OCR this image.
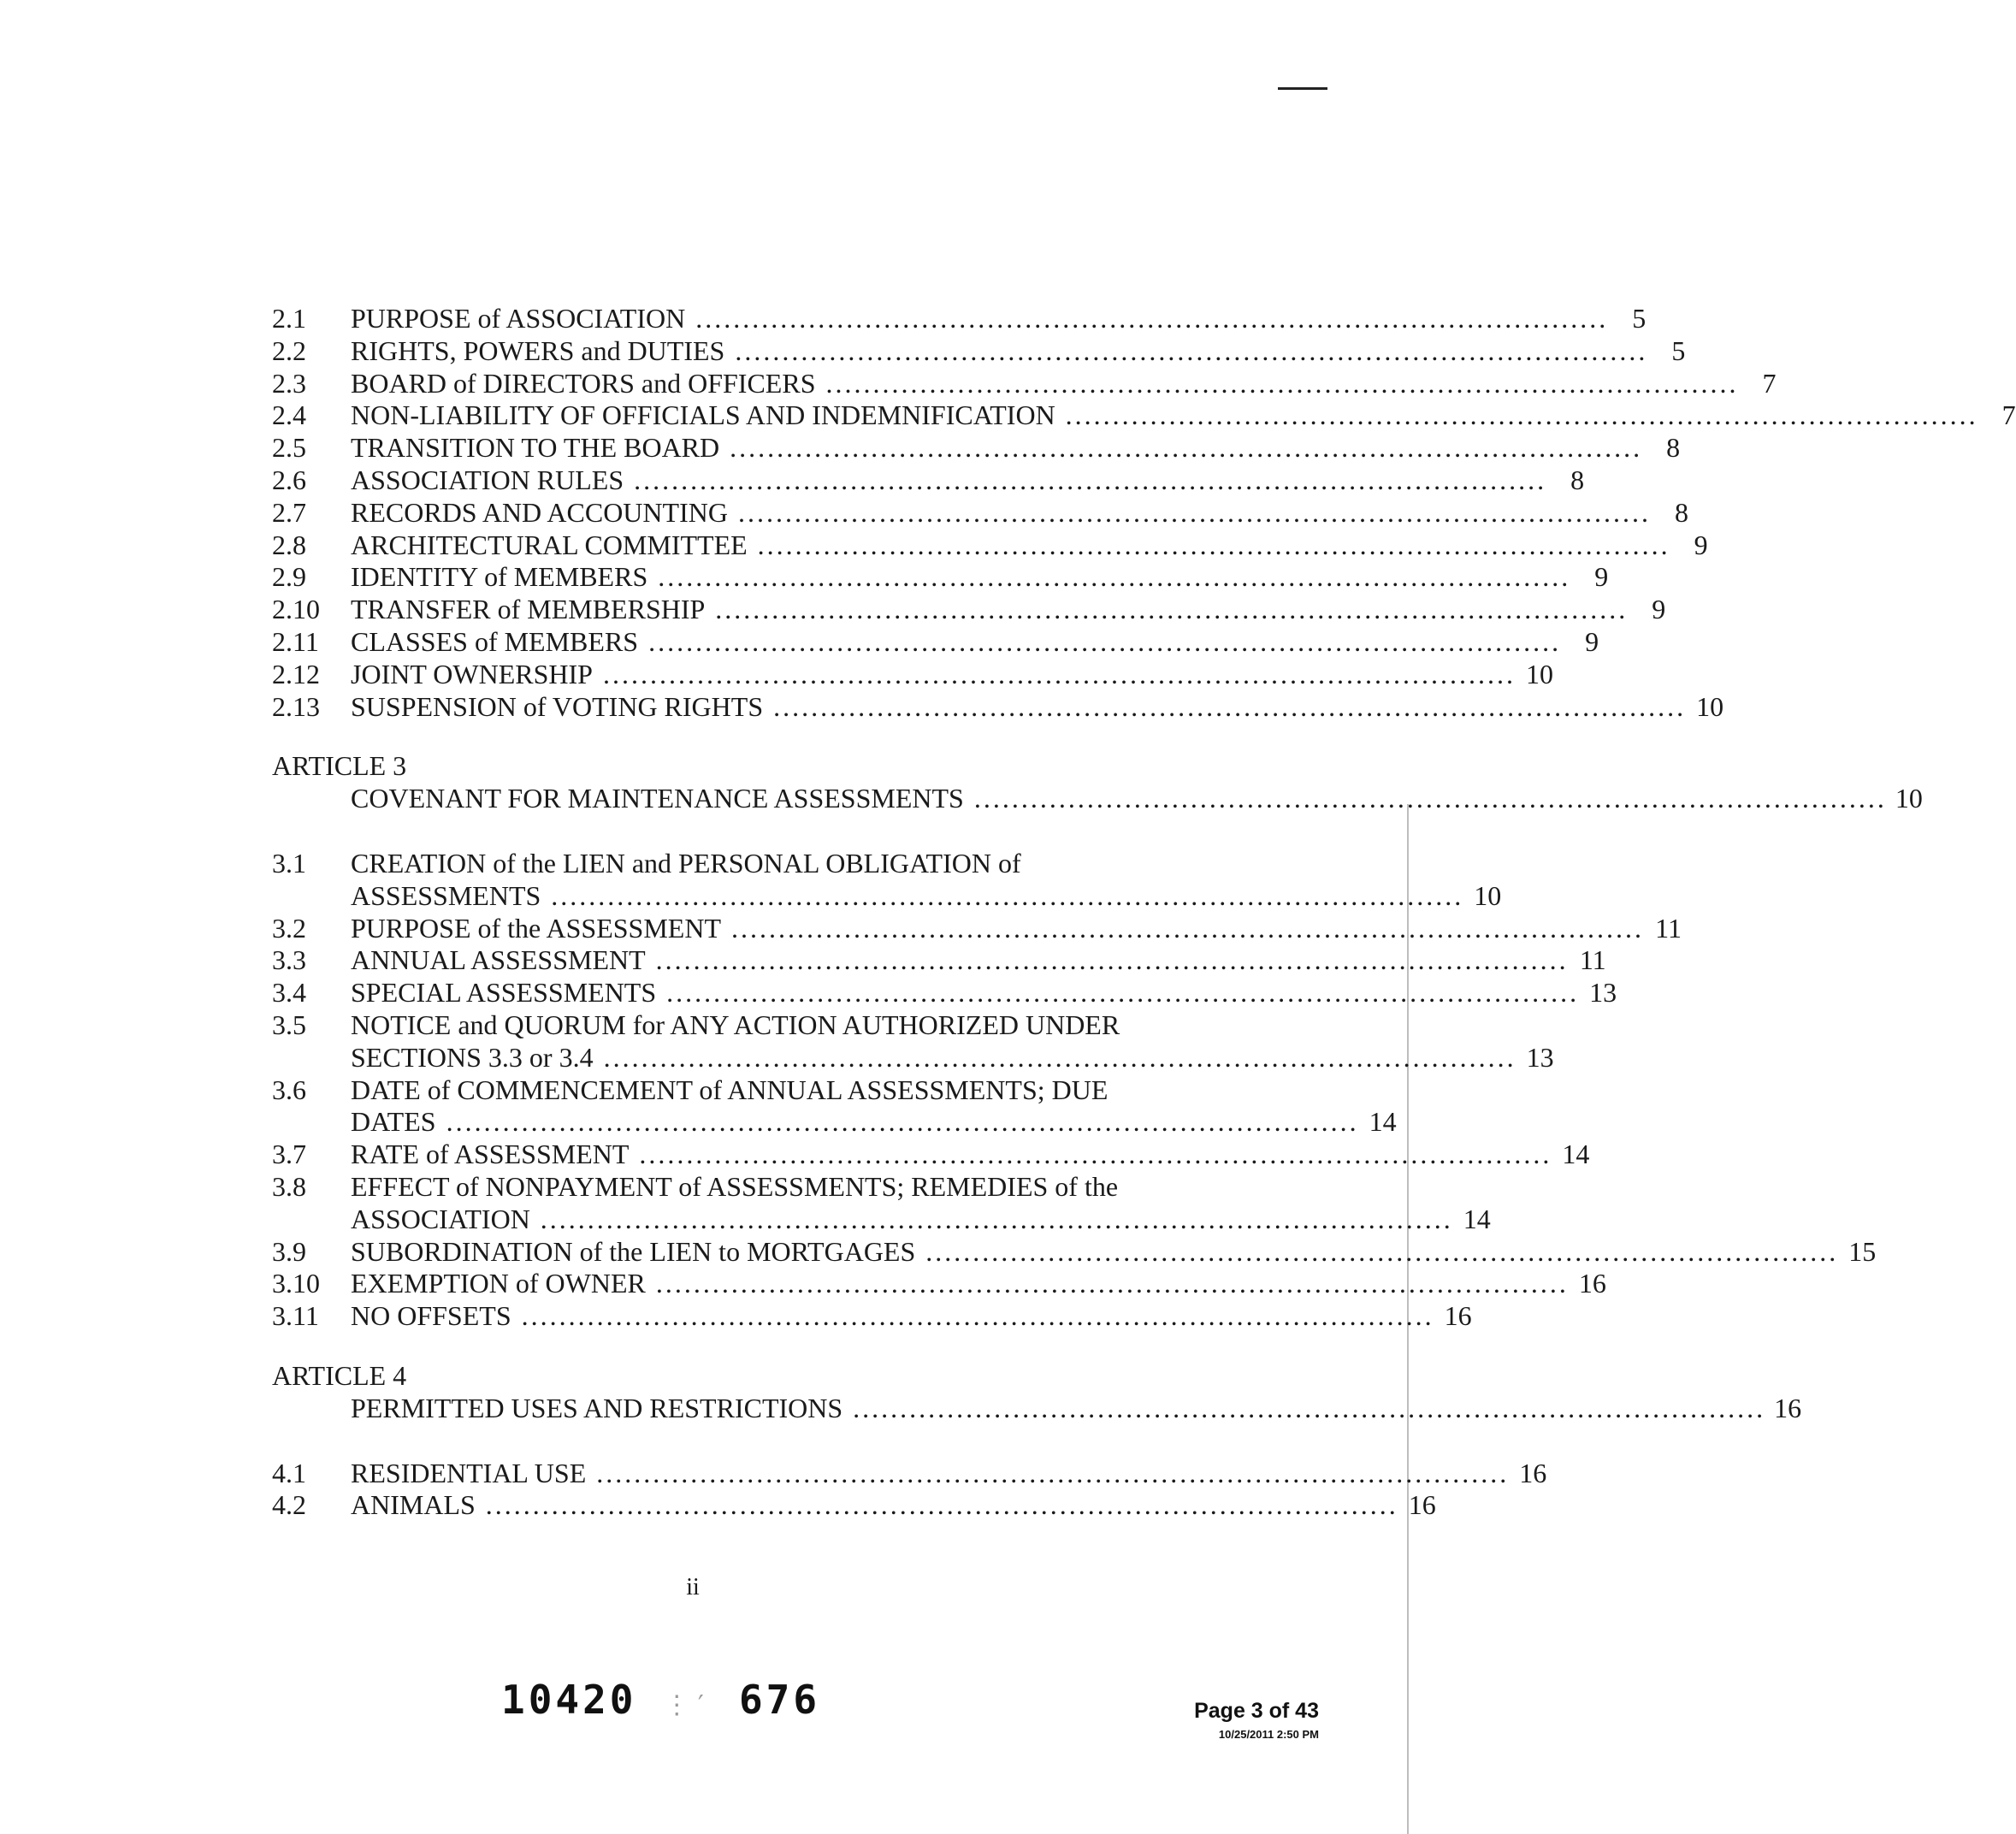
2.1	PURPOSE of ASSOCIATION ................................................................................................. 5
2.2	RIGHTS, POWERS and DUTIES ................................................................................................. 5
2.3	BOARD of DIRECTORS and OFFICERS ................................................................................................. 7
2.4	NON-LIABILITY OF OFFICIALS AND INDEMNIFICATION ................................................................................................. 7
2.5	TRANSITION TO THE BOARD ................................................................................................. 8
2.6	ASSOCIATION RULES ................................................................................................. 8
2.7	RECORDS AND ACCOUNTING ................................................................................................. 8
2.8	ARCHITECTURAL COMMITTEE ................................................................................................. 9
2.9	IDENTITY of MEMBERS ................................................................................................. 9
2.10	TRANSFER of MEMBERSHIP ................................................................................................. 9
2.11	CLASSES of MEMBERS ................................................................................................. 9
2.12	JOINT OWNERSHIP ................................................................................................. 10
2.13	SUSPENSION of VOTING RIGHTS ................................................................................................. 10
ARTICLE 3
COVENANT FOR MAINTENANCE ASSESSMENTS ................................................................................................. 10
3.1	CREATION of the LIEN and PERSONAL OBLIGATION of
ASSESSMENTS ................................................................................................. 10
3.2	PURPOSE of the ASSESSMENT ................................................................................................. 11
3.3	ANNUAL ASSESSMENT ................................................................................................. 11
3.4	SPECIAL ASSESSMENTS ................................................................................................. 13
3.5	NOTICE and QUORUM for ANY ACTION AUTHORIZED UNDER
SECTIONS 3.3 or 3.4 ................................................................................................. 13
3.6	DATE of COMMENCEMENT of ANNUAL ASSESSMENTS; DUE
DATES ................................................................................................. 14
3.7	RATE of ASSESSMENT ................................................................................................. 14
3.8	EFFECT of NONPAYMENT of ASSESSMENTS; REMEDIES of the
ASSOCIATION ................................................................................................. 14
3.9	SUBORDINATION of the LIEN to MORTGAGES ................................................................................................. 15
3.10	EXEMPTION of OWNER ................................................................................................. 16
3.11	NO OFFSETS ................................................................................................. 16
ARTICLE 4
PERMITTED USES AND RESTRICTIONS ................................................................................................. 16
4.1	RESIDENTIAL USE ................................................................................................. 16
4.2	ANIMALS ................................................................................................. 16
ii
10420 ⋮′ 676	Page 3 of 43
10/25/2011 2:50 PM
